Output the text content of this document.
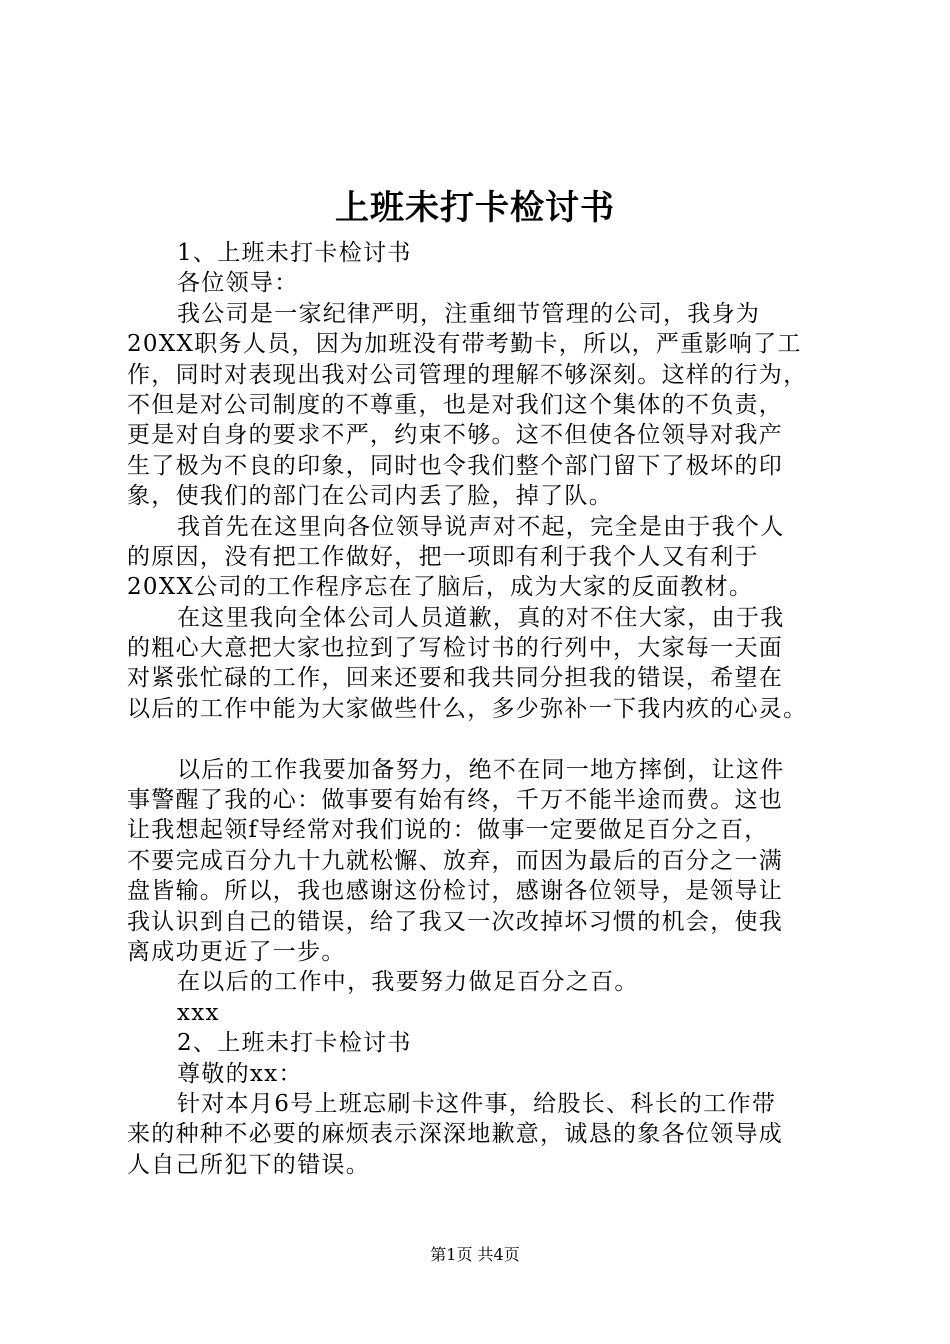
上班未打卡检讨书
1、上班未打卡检讨书
各位领导：
我公司是一家纪律严明，注重细节管理的公司，我身为
20XX职务人员，因为加班没有带考勤卡，所以，严重影响了工
作，同时对表现出我对公司管理的理解不够深刻。这样的行为，
不但是对公司制度的不尊重，也是对我们这个集体的不负责，
更是对自身的要求不严，约束不够。这不但使各位领导对我产
生了极为不良的印象，同时也令我们整个部门留下了极坏的印
象，使我们的部门在公司内丢了脸，掉了队。
我首先在这里向各位领导说声对不起，完全是由于我个人
的原因，没有把工作做好，把一项即有利于我个人又有利于
20XX公司的工作程序忘在了脑后，成为大家的反面教材。
在这里我向全体公司人员道歉，真的对不住大家，由于我
的粗心大意把大家也拉到了写检讨书的行列中，大家每一天面
对紧张忙碌的工作，回来还要和我共同分担我的错误，希望在
以后的工作中能为大家做些什么，多少弥补一下我内疚的心灵。
以后的工作我要加备努力，绝不在同一地方摔倒，让这件
事警醒了我的心：做事要有始有终，千万不能半途而费。这也
让我想起领f导经常对我们说的：做事一定要做足百分之百，
不要完成百分九十九就松懈、放弃，而因为最后的百分之一满
盘皆输。所以，我也感谢这份检讨，感谢各位领导，是领导让
我认识到自己的错误，给了我又一次改掉坏习惯的机会，使我
离成功更近了一步。
在以后的工作中，我要努力做足百分之百。
xxx
2、上班未打卡检讨书
尊敬的xx：
针对本月6号上班忘刷卡这件事，给股长、科长的工作带
来的种种不必要的麻烦表示深深地歉意，诚恳的象各位领导成
人自己所犯下的错误。
第1页 共4页
